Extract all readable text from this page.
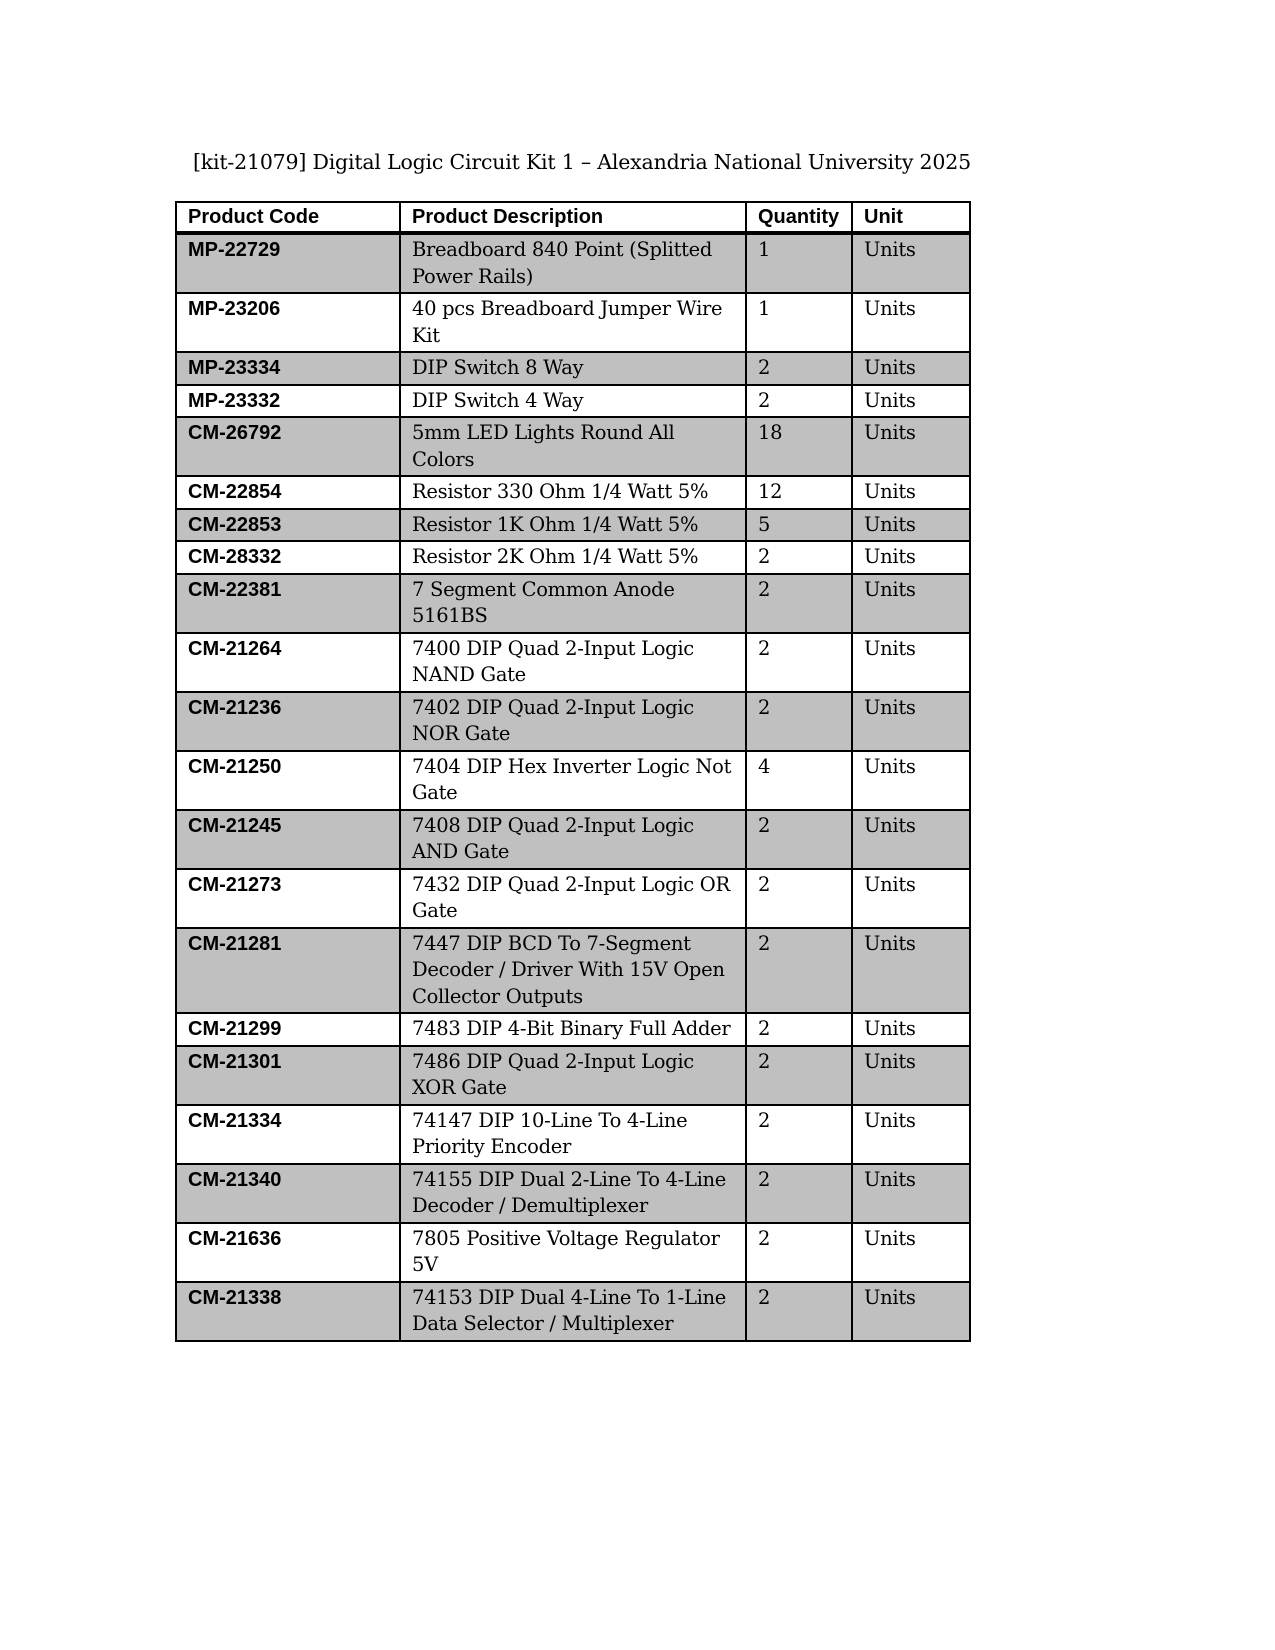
[kit-21079] Digital Logic Circuit Kit 1 – Alexandria National University 2025
Product Code	Product Description	Quantity	Unit
MP-22729	Breadboard 840 Point (Splitted Power Rails)	1	Units
MP-23206	40 pcs Breadboard Jumper Wire Kit	1	Units
MP-23334	DIP Switch 8 Way	2	Units
MP-23332	DIP Switch 4 Way	2	Units
CM-26792	5mm LED Lights Round All Colors	18	Units
CM-22854	Resistor 330 Ohm 1/4 Watt 5%	12	Units
CM-22853	Resistor 1K Ohm 1/4 Watt 5%	5	Units
CM-28332	Resistor 2K Ohm 1/4 Watt 5%	2	Units
CM-22381	7 Segment Common Anode 5161BS	2	Units
CM-21264	7400 DIP Quad 2-Input Logic NAND Gate	2	Units
CM-21236	7402 DIP Quad 2-Input Logic NOR Gate	2	Units
CM-21250	7404 DIP Hex Inverter Logic Not Gate	4	Units
CM-21245	7408 DIP Quad 2-Input Logic AND Gate	2	Units
CM-21273	7432 DIP Quad 2-Input Logic OR Gate	2	Units
CM-21281	7447 DIP BCD To 7-Segment Decoder / Driver With 15V Open Collector Outputs	2	Units
CM-21299	7483 DIP 4-Bit Binary Full Adder	2	Units
CM-21301	7486 DIP Quad 2-Input Logic XOR Gate	2	Units
CM-21334	74147 DIP 10-Line To 4-Line Priority Encoder	2	Units
CM-21340	74155 DIP Dual 2-Line To 4-Line Decoder / Demultiplexer	2	Units
CM-21636	7805 Positive Voltage Regulator 5V	2	Units
CM-21338	74153 DIP Dual 4-Line To 1-Line Data Selector / Multiplexer	2	Units
